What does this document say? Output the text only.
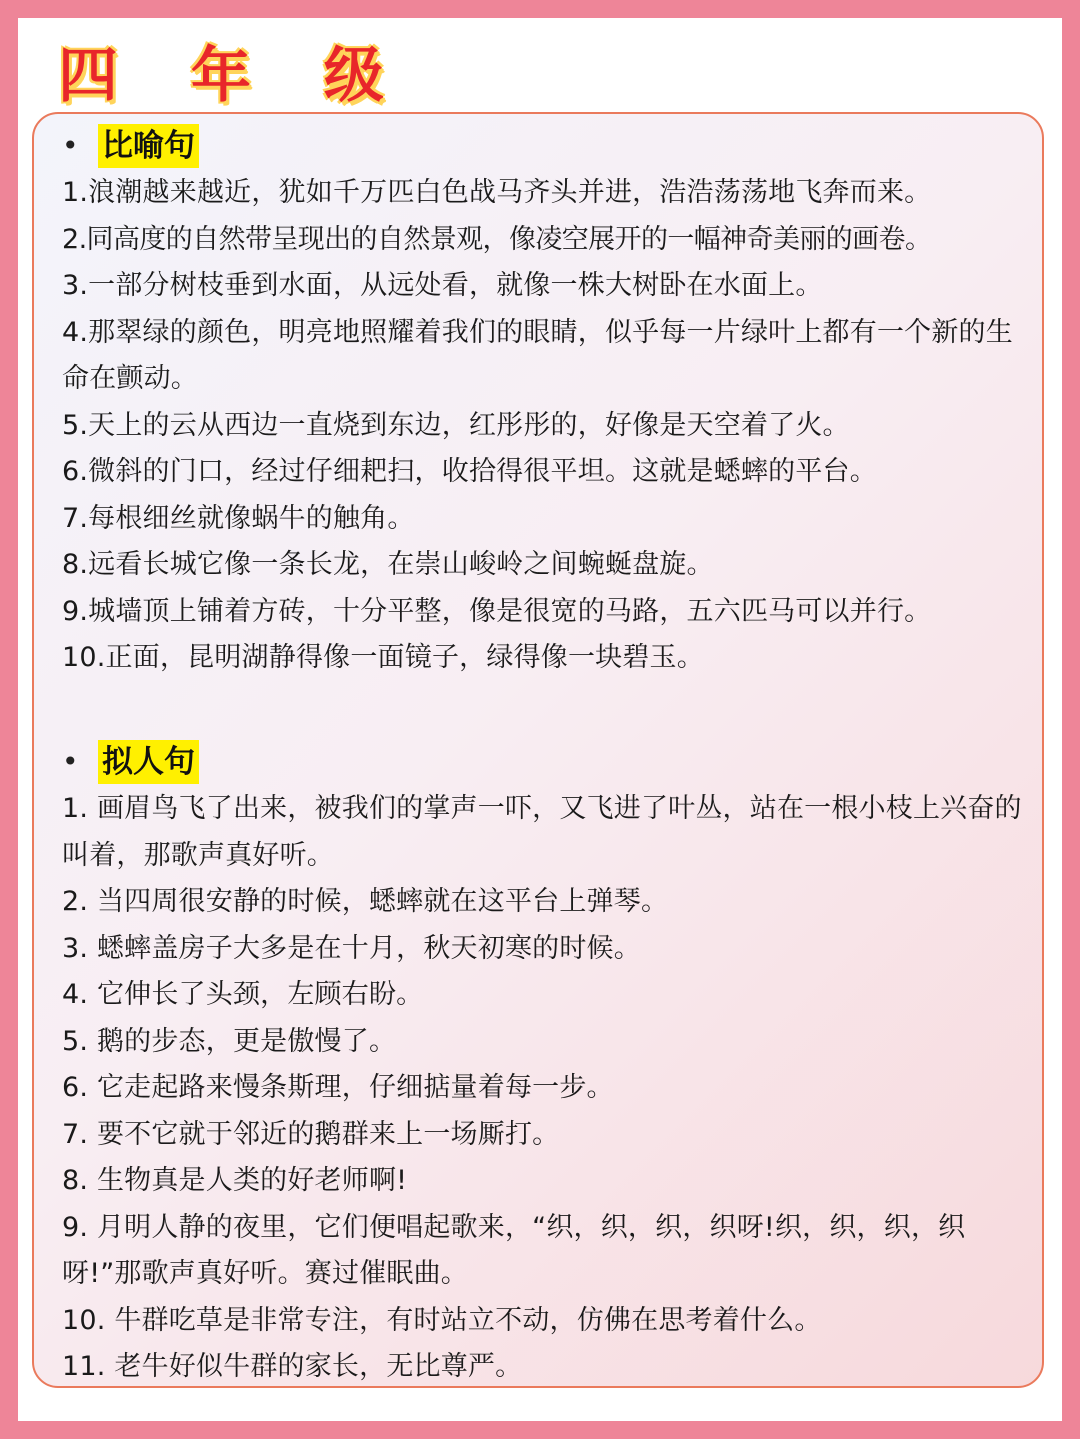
四 年 级
• 比喻句
1.浪潮越来越近，犹如千万匹白色战马齐头并进，浩浩荡荡地飞奔而来。
2.同高度的自然带呈现出的自然景观，像凌空展开的一幅神奇美丽的画卷。
3.一部分树枝垂到水面，从远处看，就像一株大树卧在水面上。
4.那翠绿的颜色，明亮地照耀着我们的眼睛，似乎每一片绿叶上都有一个新的生命在颤动。
5.天上的云从西边一直烧到东边，红彤彤的，好像是天空着了火。
6.微斜的门口，经过仔细耙扫，收拾得很平坦。这就是蟋蟀的平台。
7.每根细丝就像蜗牛的触角。
8.远看长城它像一条长龙，在崇山峻岭之间蜿蜒盘旋。
9.城墙顶上铺着方砖，十分平整，像是很宽的马路，五六匹马可以并行。
10.正面，昆明湖静得像一面镜子，绿得像一块碧玉。
• 拟人句
1. 画眉鸟飞了出来，被我们的掌声一吓，又飞进了叶丛，站在一根小枝上兴奋的叫着，那歌声真好听。
2. 当四周很安静的时候，蟋蟀就在这平台上弹琴。
3. 蟋蟀盖房子大多是在十月，秋天初寒的时候。
4. 它伸长了头颈，左顾右盼。
5. 鹅的步态，更是傲慢了。
6. 它走起路来慢条斯理，仔细掂量着每一步。
7. 要不它就于邻近的鹅群来上一场厮打。
8. 生物真是人类的好老师啊!
9. 月明人静的夜里，它们便唱起歌来，“织，织，织，织呀!织，织，织，织呀!”那歌声真好听。赛过催眠曲。
10. 牛群吃草是非常专注，有时站立不动，仿佛在思考着什么。
11. 老牛好似牛群的家长，无比尊严。
